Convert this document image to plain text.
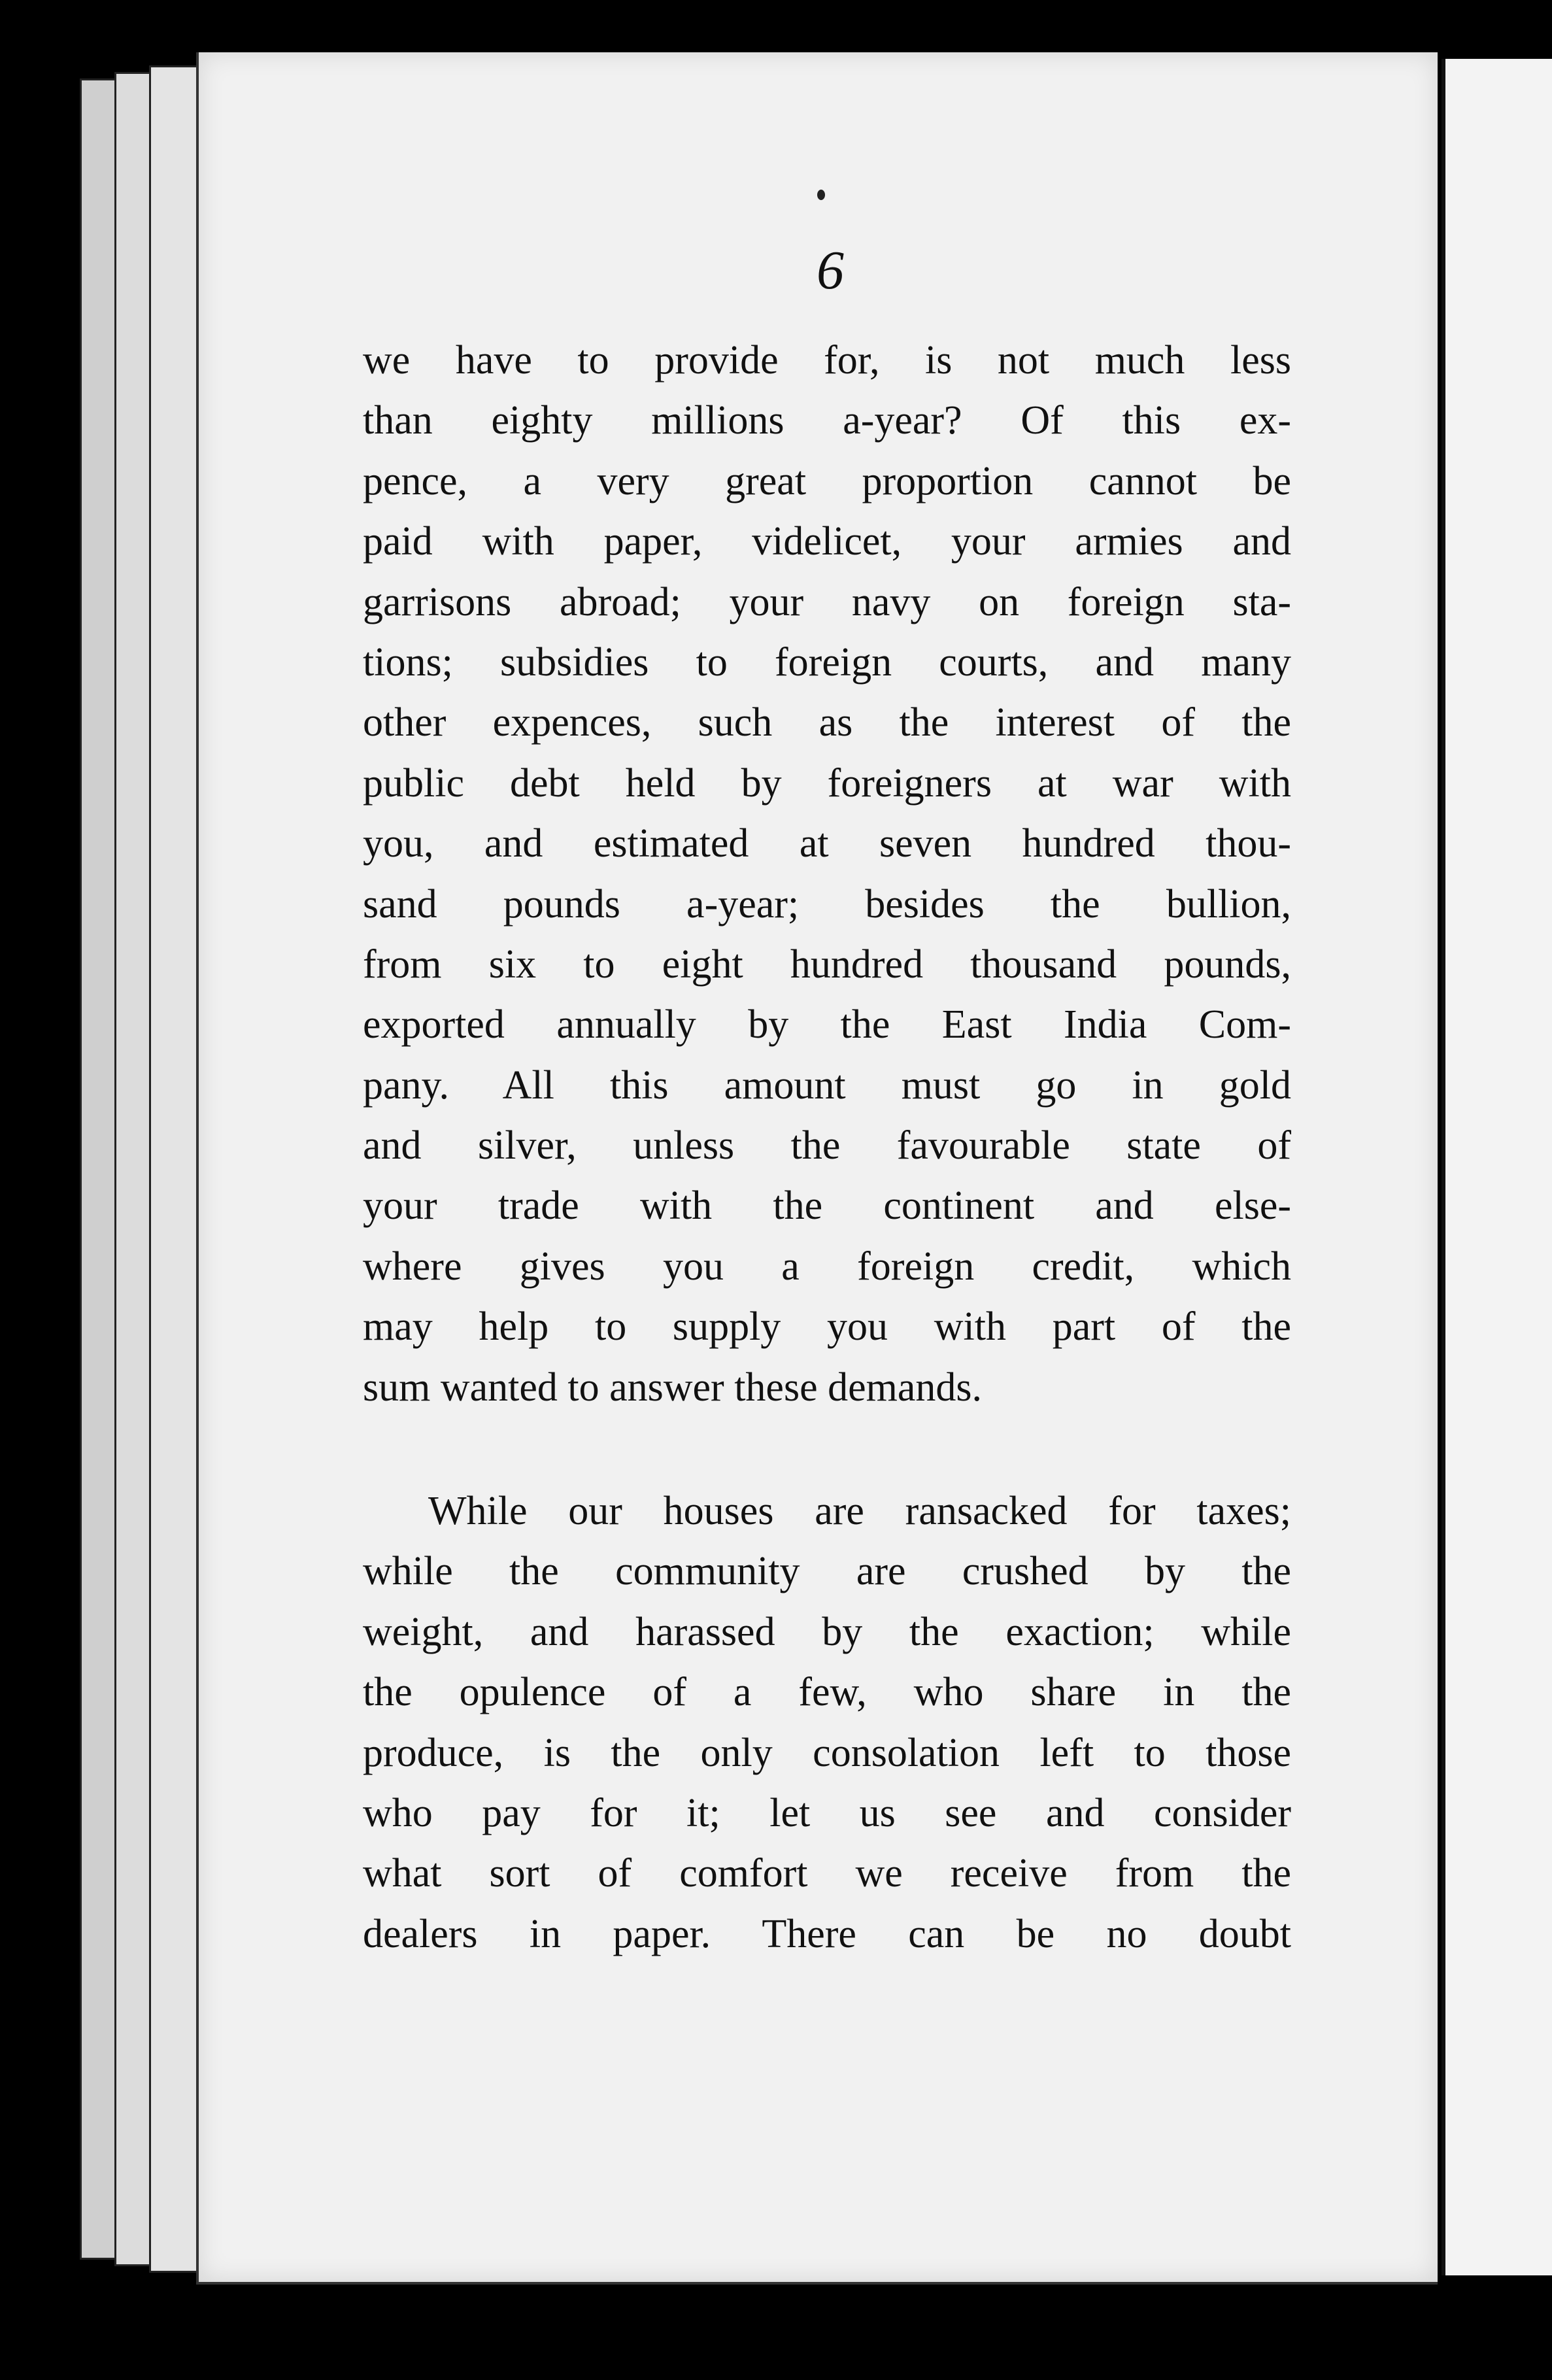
6
we have to provide for, is not much less
than eighty millions a-year? Of this ex-
pence, a very great proportion cannot be
paid with paper, videlicet, your armies and
garrisons abroad; your navy on foreign sta-
tions; subsidies to foreign courts, and many
other expences, such as the interest of the
public debt held by foreigners at war with
you, and estimated at seven hundred thou-
sand pounds a-year; besides the bullion,
from six to eight hundred thousand pounds,
exported annually by the East India Com-
pany. All this amount must go in gold
and silver, unless the favourable state of
your trade with the continent and else-
where gives you a foreign credit, which
may help to supply you with part of the
sum wanted to answer these demands.
While our houses are ransacked for taxes;
while the community are crushed by the
weight, and harassed by the exaction; while
the opulence of a few, who share in the
produce, is the only consolation left to those
who pay for it; let us see and consider
what sort of comfort we receive from the
dealers in paper. There can be no doubt
